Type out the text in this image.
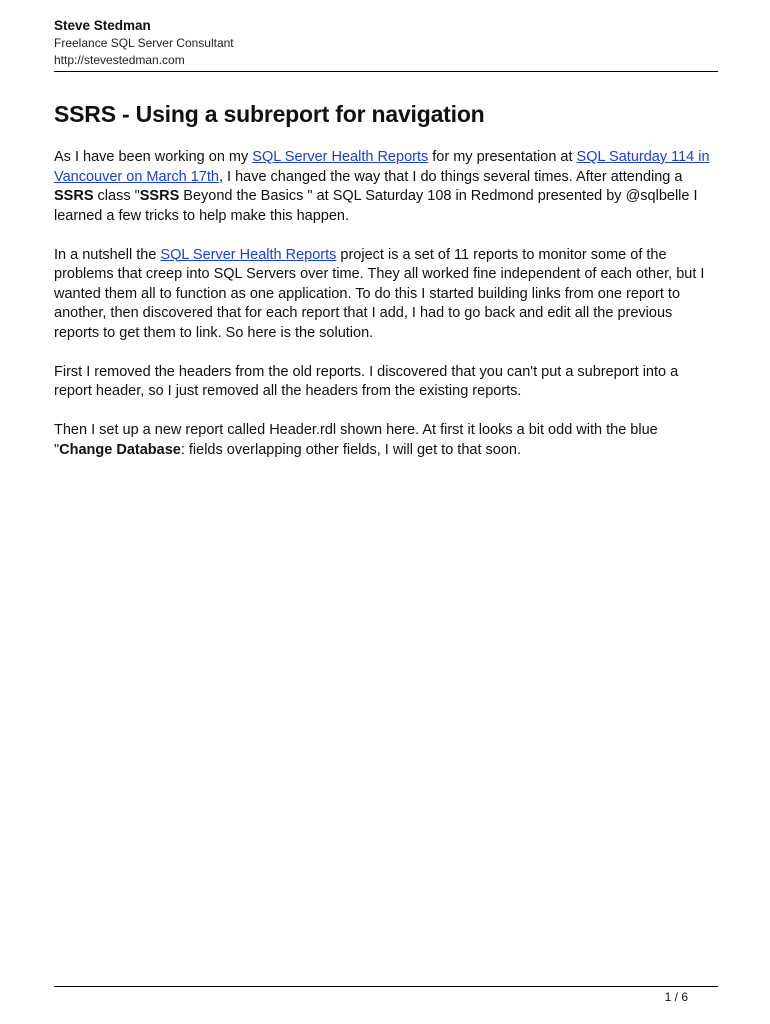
Steve Stedman
Freelance SQL Server Consultant
http://stevestedman.com
SSRS - Using a subreport for navigation

As I have been working on my SQL Server Health Reports for my presentation at SQL Saturday 114 in Vancouver on March 17th, I have changed the way that I do things several times. After attending a SSRS class "SSRS Beyond the Basics " at SQL Saturday 108 in Redmond presented by @sqlbelle I learned a few tricks to help make this happen.

In a nutshell the SQL Server Health Reports project is a set of 11 reports to monitor some of the problems that creep into SQL Servers over time. They all worked fine independent of each other, but I wanted them all to function as one application. To do this I started building links from one report to another, then discovered that for each report that I add, I had to go back and edit all the previous reports to get them to link. So here is the solution.

First I removed the headers from the old reports. I discovered that you can't put a subreport into a report header, so I just removed all the headers from the existing reports.

Then I set up a new report called Header.rdl shown here. At first it looks a bit odd with the blue "Change Database: fields overlapping other fields, I will get to that soon.

1 / 6
